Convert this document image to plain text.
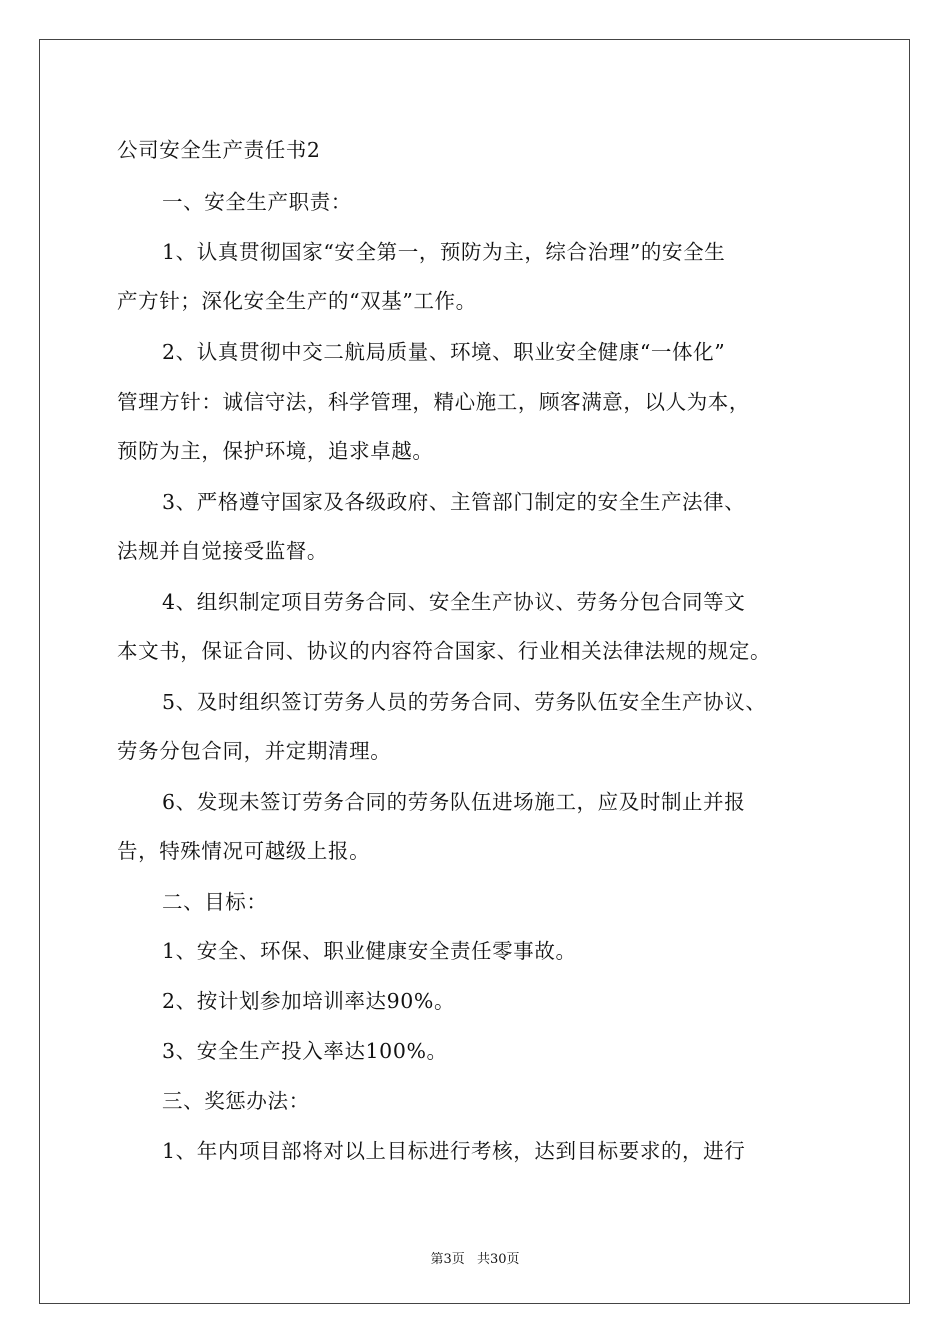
公司安全生产责任书2
一、安全生产职责：
1、认真贯彻国家“安全第一，预防为主，综合治理”的安全生
产方针；深化安全生产的“双基”工作。
2、认真贯彻中交二航局质量、环境、职业安全健康“一体化”
管理方针：诚信守法，科学管理，精心施工，顾客满意，以人为本，
预防为主，保护环境，追求卓越。
3、严格遵守国家及各级政府、主管部门制定的安全生产法律、
法规并自觉接受监督。
4、组织制定项目劳务合同、安全生产协议、劳务分包合同等文
本文书，保证合同、协议的内容符合国家、行业相关法律法规的规定。
5、及时组织签订劳务人员的劳务合同、劳务队伍安全生产协议、
劳务分包合同，并定期清理。
6、发现未签订劳务合同的劳务队伍进场施工，应及时制止并报
告，特殊情况可越级上报。
二、目标：
1、安全、环保、职业健康安全责任零事故。
2、按计划参加培训率达90%。
3、安全生产投入率达100%。
三、奖惩办法：
1、年内项目部将对以上目标进行考核，达到目标要求的，进行
第3页 共30页
